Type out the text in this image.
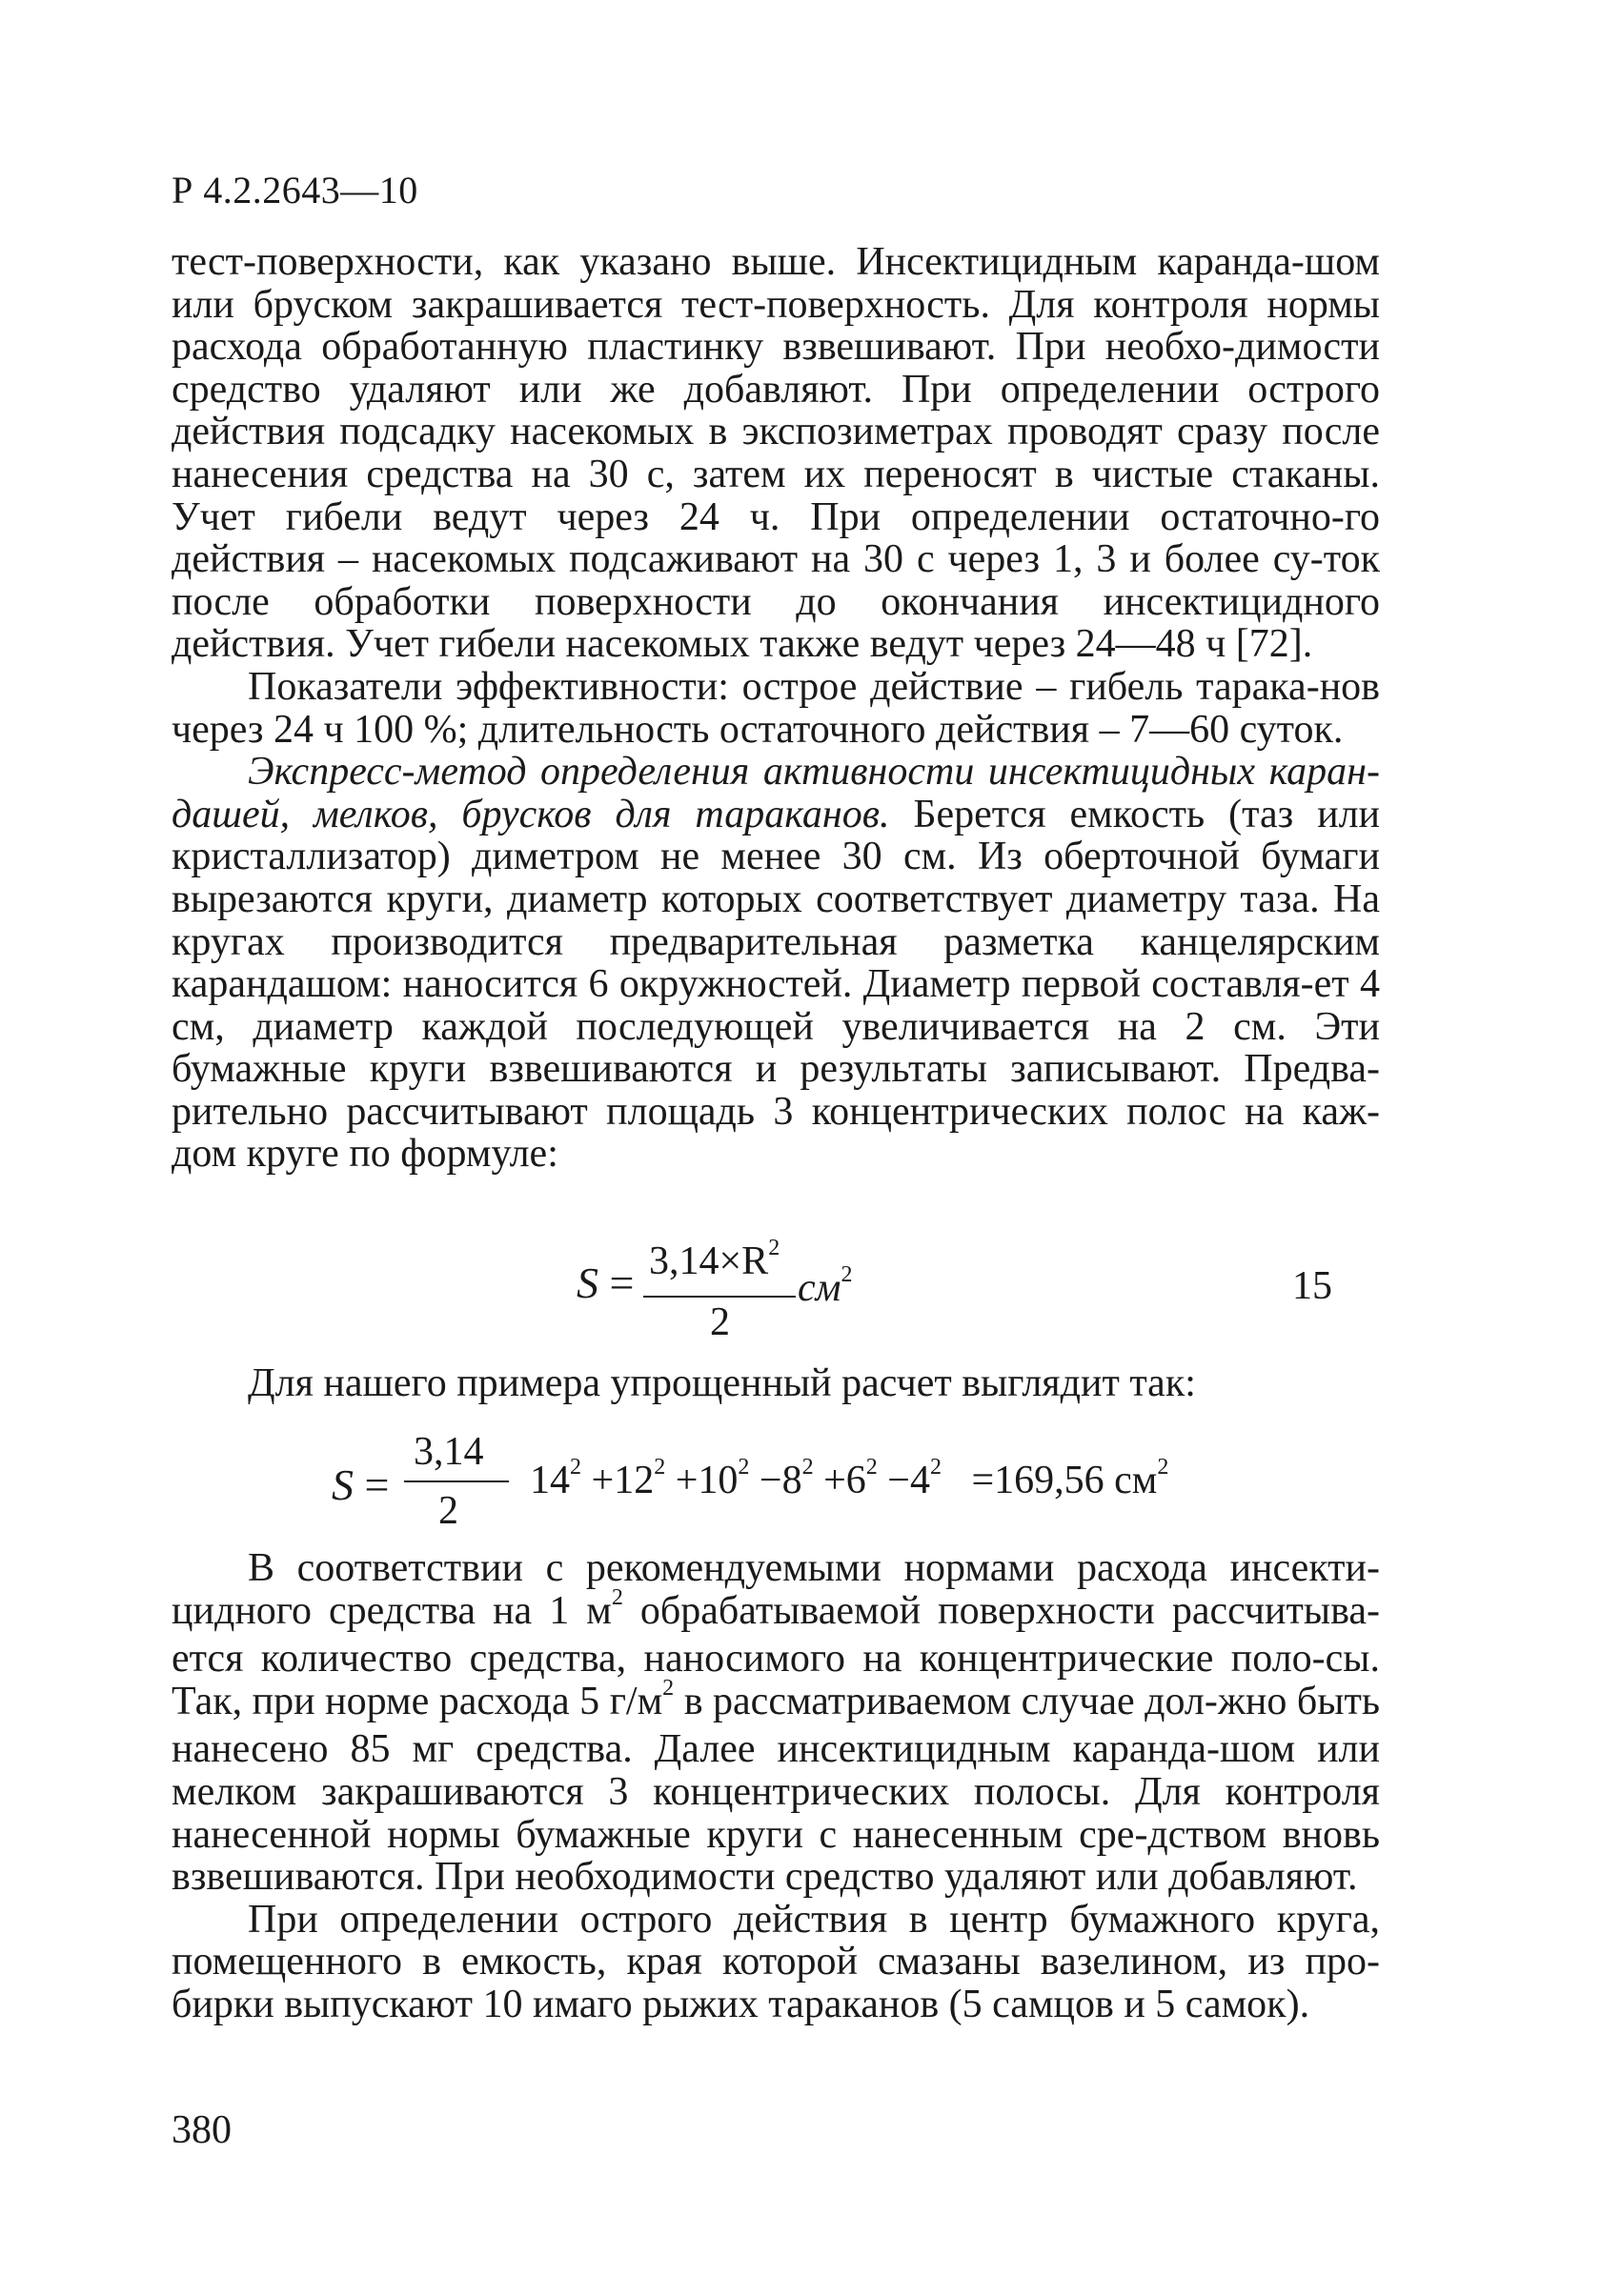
Р 4.2.2643—10

тест-поверхности, как указано выше. Инсектицидным каранда-шом или бруском закрашивается тест-поверхность. Для контроля нормы расхода обработанную пластинку взвешивают. При необхо-димости средство удаляют или же добавляют. При определении острого действия подсадку насекомых в экспозиметрах проводят сразу после нанесения средства на 30 с, затем их переносят в чистые стаканы. Учет гибели ведут через 24 ч. При определении остаточно-го действия – насекомых подсаживают на 30 с через 1, 3 и более су-ток после обработки поверхности до окончания инсектицидного действия. Учет гибели насекомых также ведут через 24—48 ч [72].

Показатели эффективности: острое действие – гибель тарака-нов через 24 ч 100 %; длительность остаточного действия – 7—60 суток.

Экспресс-метод определения активности инсектицидных каран-дашей, мелков, брусков для тараканов. Берется емкость (таз или кристаллизатор) диметром не менее 30 см. Из оберточной бумаги вырезаются круги, диаметр которых соответствует диаметру таза. На кругах производится предварительная разметка канцелярским карандашом: наносится 6 окружностей. Диаметр первой составля-ет 4 см, диаметр каждой последующей увеличивается на 2 см. Эти бумажные круги взвешиваются и результаты записывают. Предва-рительно рассчитывают площадь 3 концентрических полос на каж-дом круге по формуле:

$S = 3,14\times R^2$
2
$см^2$	15
Для нашего примера упрощенный расчет выглядит так:
S =
3,14
2
$14^2 +12^2 +10^2 -8^2 +6^2 -4^2 =169,56$ $см^2$

В соответствии с рекомендуемыми нормами расхода инсекти-цидного средства на 1 $м^2$ обрабатываемой поверхности рассчитыва-ется количество средства, наносимого на концентрические поло-сы. Так, при норме расхода 5 $г/м^2$ в рассматриваемом случае дол-жно быть нанесено 85 мг средства. Далее инсектицидным каранда-шом или мелком закрашиваются 3 концентрических полосы. Для контроля нанесенной нормы бумажные круги с нанесенным сре-дством вновь взвешиваются. При необходимости средство удаляют или добавляют.

При определении острого действия в центр бумажного круга, помещенного в емкость, края которой смазаны вазелином, из про-бирки выпускают 10 имаго рыжих тараканов (5 самцов и 5 самок).

380
